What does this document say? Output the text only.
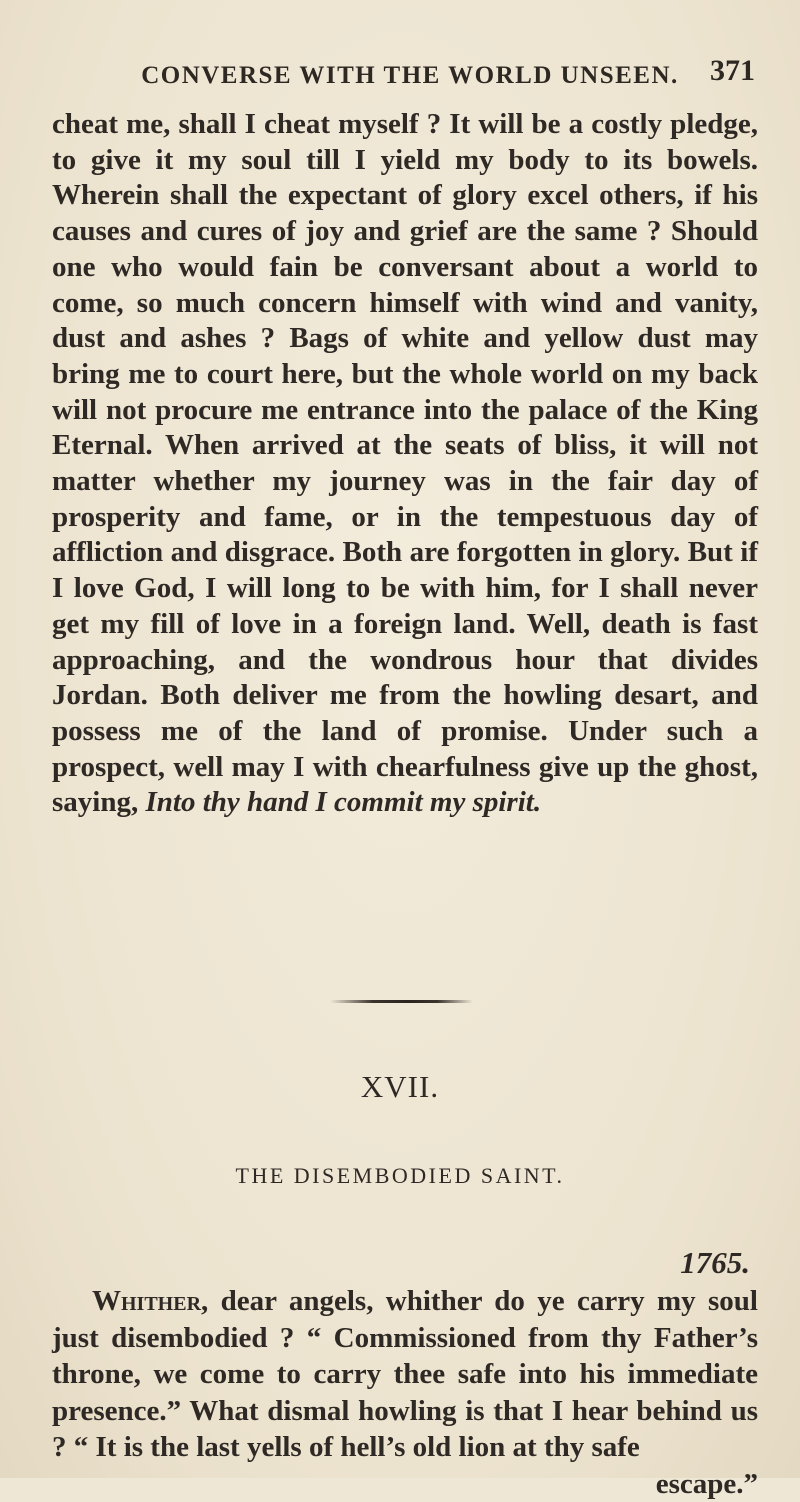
CONVERSE WITH THE WORLD UNSEEN.	371

cheat me, shall I cheat myself ? It will be a costly pledge, to give it my soul till I yield my body to its bowels. Wherein shall the expectant of glory excel others, if his causes and cures of joy and grief are the same ? Should one who would fain be conversant about a world to come, so much concern himself with wind and vanity, dust and ashes ? Bags of white and yellow dust may bring me to court here, but the whole world on my back will not procure me entrance into the palace of the King Eternal. When arrived at the seats of bliss, it will not matter whether my journey was in the fair day of prosperity and fame, or in the tempestuous day of affliction and disgrace. Both are forgotten in glory. But if I love God, I will long to be with him, for I shall never get my fill of love in a foreign land. Well, death is fast approaching, and the wondrous hour that divides Jordan. Both deliver me from the howling desart, and possess me of the land of promise. Under such a prospect, well may I with chearfulness give up the ghost, saying, Into thy hand I commit my spirit.

XVII.
THE DISEMBODIED SAINT.
1765.

Whither, dear angels, whither do ye carry my soul just disembodied ? “ Commissioned from thy Father’s throne, we come to carry thee safe into his immediate presence.” What dismal howling is that I hear behind us ? “ It is the last yells of hell’s old lion at thy safe
escape.”
